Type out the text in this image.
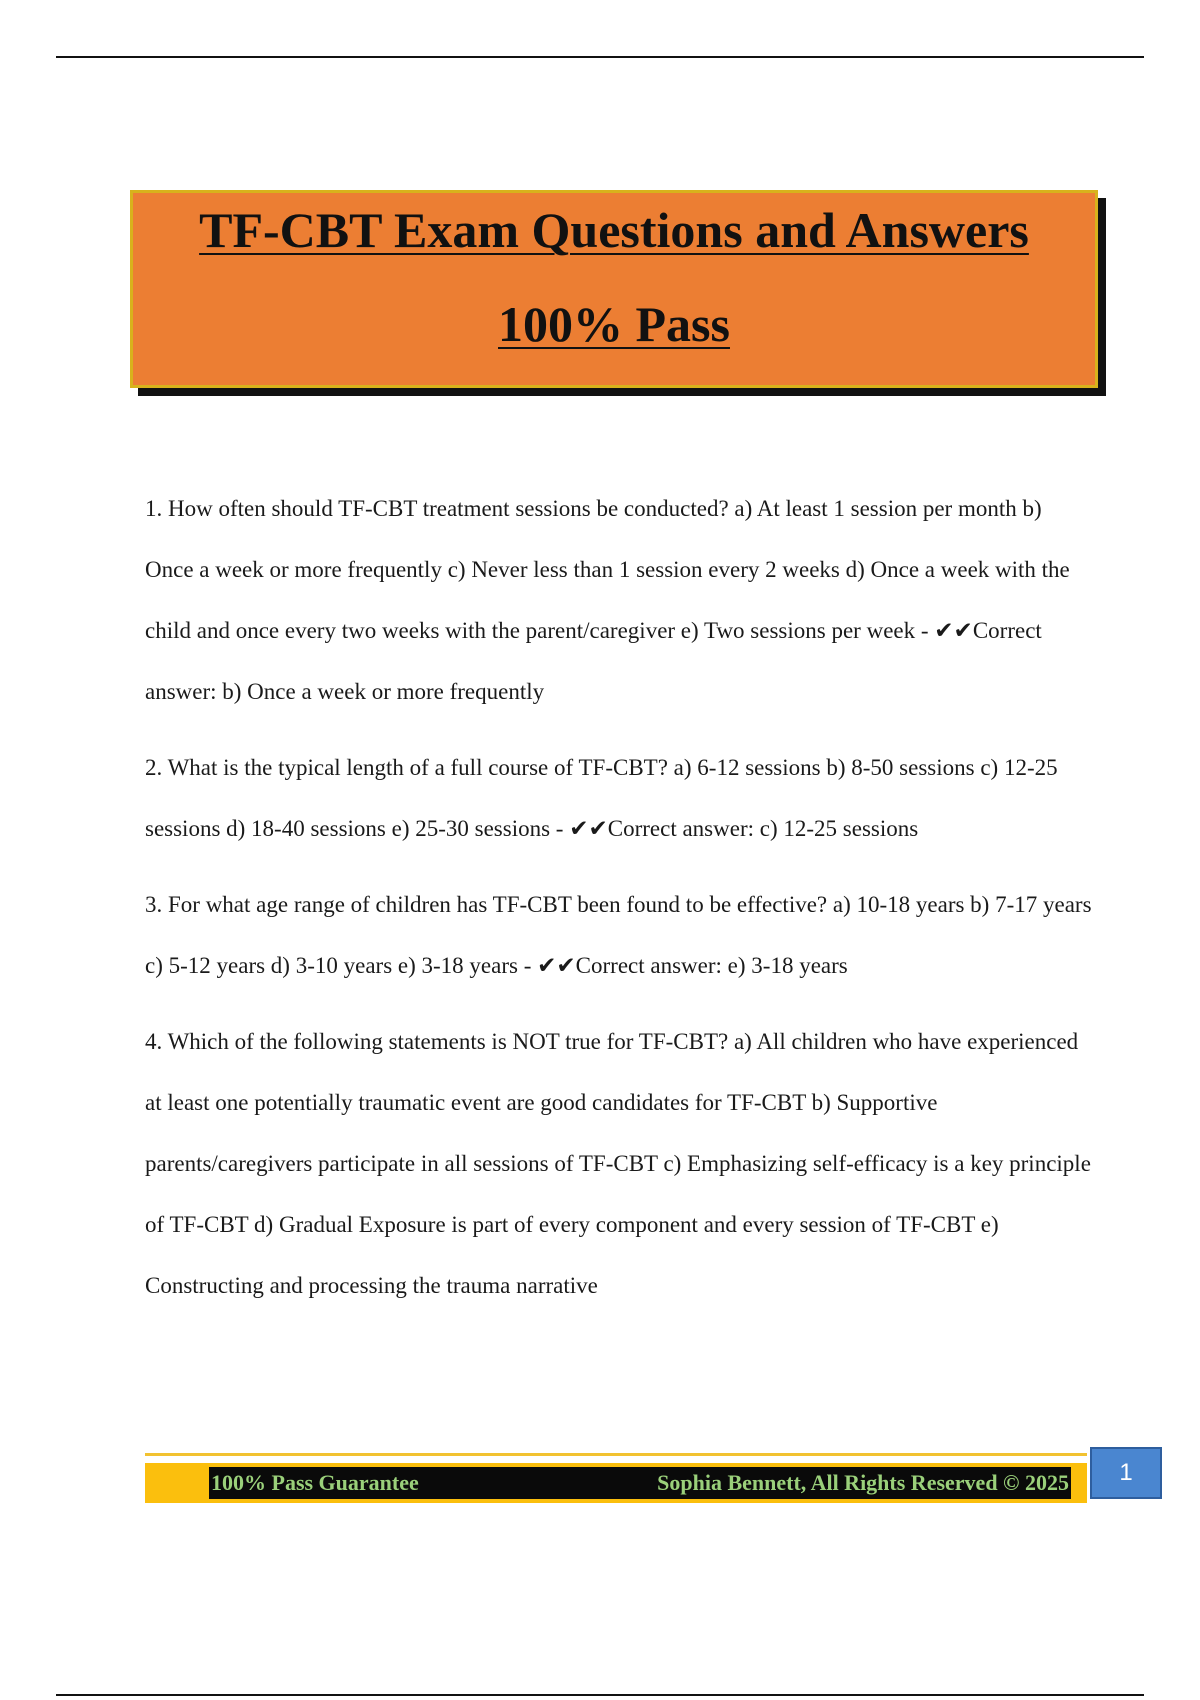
TF-CBT Exam Questions and Answers
100% Pass

1. How often should TF-CBT treatment sessions be conducted? a) At least 1 session per month b) Once a week or more frequently c) Never less than 1 session every 2 weeks d) Once a week with the child and once every two weeks with the parent/caregiver e) Two sessions per week - ✔✔Correct answer: b) Once a week or more frequently

2. What is the typical length of a full course of TF-CBT? a) 6-12 sessions b) 8-50 sessions c) 12-25 sessions d) 18-40 sessions e) 25-30 sessions - ✔✔Correct answer: c) 12-25 sessions

3. For what age range of children has TF-CBT been found to be effective? a) 10-18 years b) 7-17 years c) 5-12 years d) 3-10 years e) 3-18 years - ✔✔Correct answer: e) 3-18 years

4. Which of the following statements is NOT true for TF-CBT? a) All children who have experienced at least one potentially traumatic event are good candidates for TF-CBT b) Supportive parents/caregivers participate in all sessions of TF-CBT c) Emphasizing self-efficacy is a key principle of TF-CBT d) Gradual Exposure is part of every component and every session of TF-CBT e) Constructing and processing the trauma narrative

100% Pass Guarantee	Sophia Bennett, All Rights Reserved © 2025	1
